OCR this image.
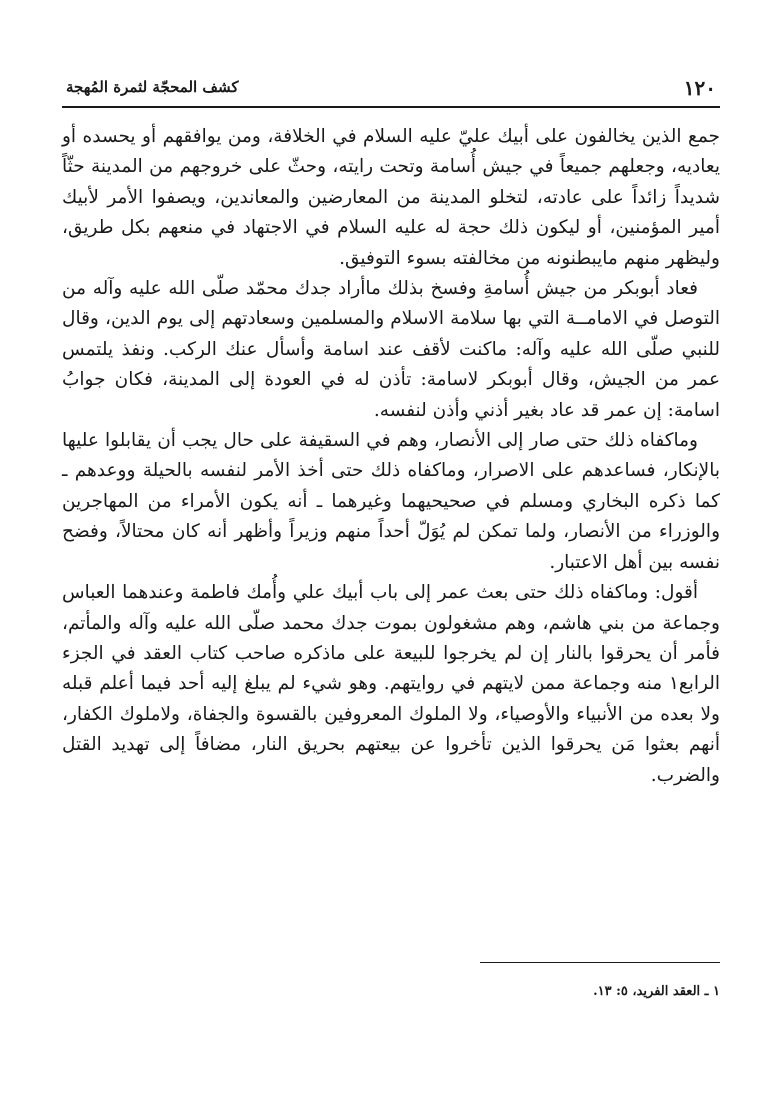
١٢٠
كشف المحجّة لثمرة المُهجة

جمع الذين يخالفون على أبيك عليّ عليه السلام في الخلافة، ومن يوافقهم أو يحسده أو يعاديه، وجعلهم جميعاً في جيش أُسامة وتحت رايته، وحثّ على خروجهم من المدينة حثّاً شديداً زائداً على عادته، لتخلو المدينة من المعارضين والمعاندين، ويصفوا الأمر لأبيك أمير المؤمنين، أو ليكون ذلك حجة له عليه السلام في الاجتهاد في منعهم بكل طريق، وليظهر منهم مايبطنونه من مخالفته بسوء التوفيق.

فعاد أبوبكر من جيش أُسامةِ وفسخ بذلك ماأراد جدك محمّد صلّى الله عليه وآله من التوصل في الامامــة التي بها سلامة الاسلام والمسلمين وسعادتهم إلى يوم الدين، وقال للنبي صلّى الله عليه وآله: ماكنت لأقف عند اسامة وأسأل عنك الركب. ونفذ يلتمس عمر من الجيش، وقال أبوبكر لاسامة: تأذن له في العودة إلى المدينة، فكان جوابُ اسامة: إن عمر قد عاد بغير أذني وأذن لنفسه.

وماكفاه ذلك حتى صار إلى الأنصار، وهم في السقيفة على حال يجب أن يقابلوا عليها بالإنكار، فساعدهم على الاصرار، وماكفاه ذلك حتى أخذ الأمر لنفسه بالحيلة ووعدهم ـ كما ذكره البخاري ومسلم في صحيحيهما وغيرهما ـ أنه يكون الأمراء من المهاجرين والوزراء من الأنصار، ولما تمكن لم يُوَلّ أحداً منهم وزيراً وأظهر أنه كان محتالاً، وفضح نفسه بين أهل الاعتبار.

أقول: وماكفاه ذلك حتى بعث عمر إلى باب أبيك علي وأُمك فاطمة وعندهما العباس وجماعة من بني هاشم، وهم مشغولون بموت جدك محمد صلّى الله عليه وآله والمأتم، فأمر أن يحرقوا بالنار إن لم يخرجوا للبيعة على ماذكره صاحب كتاب العقد في الجزء الرابع١ منه وجماعة ممن لايتهم في روايتهم. وهو شيء لم يبلغ إليه أحد فيما أعلم قبله ولا بعده من الأنبياء والأوصياء، ولا الملوك المعروفين بالقسوة والجفاة، ولاملوك الكفار، أنهم بعثوا مَن يحرقوا الذين تأخروا عن بيعتهم بحريق النار، مضافاً إلى تهديد القتل والضرب.

١ ـ العقد الفريد، ٥: ١٣.
